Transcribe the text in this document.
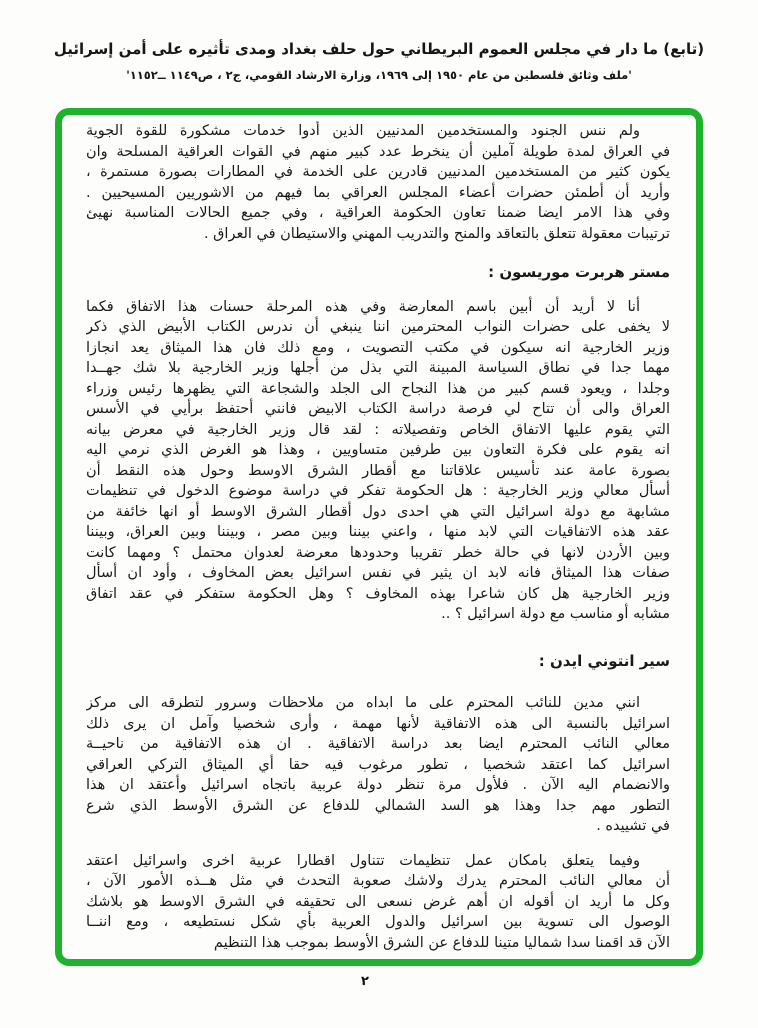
(تابع) ما دار في مجلس العموم البريطاني حول حلف بغداد ومدى تأثيره على أمن إسرائيل
'ملف وثائق فلسطين من عام ١٩٥٠ إلى ١٩٦٩، وزارة الارشاد القومي، ج٢ ، ص١١٤٩ ــ١١٥٢'
ولم ننس الجنود والمستخدمين المدنيين الذين أدوا خدمات مشكورة للقوة الجوية
في العراق لمدة طويلة آملين أن ينخرط عدد كبير منهم في القوات العراقية المسلحة وان
يكون كثير من المستخدمين المدنيين قادرين على الخدمة في المطارات بصورة مستمرة ،
وأريد أن أطمئن حضرات أعضاء المجلس العراقي بما فيهم من الاشوريين المسيحيين .
وفي هذا الامر ايضا ضمنا تعاون الحكومة العراقية ، وفي جميع الحالات المناسبة نهيئ
ترتيبات معقولة تتعلق بالتعاقد والمنح والتدريب المهني والاستيطان في العراق .
مستر هربرت موريسون :
أنا لا أريد أن أبين باسم المعارضة وفي هذه المرحلة حسنات هذا الاتفاق فكما
لا يخفى على حضرات النواب المحترمين اننا ينبغي أن ندرس الكتاب الأبيض الذي ذكر
وزير الخارجية انه سيكون في مكتب التصويت ، ومع ذلك فان هذا الميثاق يعد انجازا
مهما جدا في نطاق السياسة المبينة التي بذل من أجلها وزير الخارجية بلا شك جهــدا
وجلدا ، ويعود قسم كبير من هذا النجاح الى الجلد والشجاعة التي يظهرها رئيس وزراء
العراق والى أن تتاح لي فرصة دراسة الكتاب الابيض فانني أحتفظ برأيي في الأسس
التي يقوم عليها الاتفاق الخاص وتفصيلاته : لقد قال وزير الخارجية في معرض بيانه
انه يقوم على فكرة التعاون بين طرفين متساويين ، وهذا هو الغرض الذي نرمي اليه
بصورة عامة عند تأسيس علاقاتنا مع أقطار الشرق الاوسط وحول هذه النقط أن
أسأل معالي وزير الخارجية : هل الحكومة تفكر في دراسة موضوع الدخول في تنظيمات
مشابهة مع دولة اسرائيل التي هي احدى دول أقطار الشرق الاوسط أو انها خائفة من
عقد هذه الاتفاقيات التي لابد منها ، واعني بيننا وبين مصر ، وبيننا وبين العراق، وبيننا
وبين الأردن لانها في حالة خطر تقريبا وحدودها معرضة لعدوان محتمل ؟ ومهما كانت
صفات هذا الميثاق فانه لابد ان يثير في نفس اسرائيل بعض المخاوف ، وأود ان أسأل
وزير الخارجية هل كان شاعرا بهذه المخاوف ؟ وهل الحكومة ستفكر في عقد اتفاق
مشابه أو مناسب مع دولة اسرائيل ؟ ..
سير انتوني ايدن :
انني مدين للنائب المحترم على ما ابداه من ملاحظات وسرور لتطرقه الى مركز
اسرائيل بالنسبة الى هذه الاتفاقية لأنها مهمة ، وأرى شخصيا وآمل ان يرى ذلك
معالي النائب المحترم ايضا بعد دراسة الاتفاقية . ان هذه الاتفاقية من ناحيــة
اسرائيل كما اعتقد شخصيا ، تطور مرغوب فيه حقا أي الميثاق التركي العراقي
والانضمام اليه الآن . فلأول مرة تنظر دولة عربية باتجاه اسرائيل وأعتقد ان هذا
التطور مهم جدا وهذا هو السد الشمالي للدفاع عن الشرق الأوسط الذي شرع
في تشييده .
وفيما يتعلق بامكان عمل تنظيمات تتناول اقطارا عربية اخرى واسرائيل اعتقد
أن معالي النائب المحترم يدرك ولاشك صعوبة التحدث في مثل هــذه الأمور الآن ،
وكل ما أريد ان أقوله ان أهم غرض نسعى الى تحقيقه في الشرق الاوسط هو بلاشك
الوصول الى تسوية بين اسرائيل والدول العربية بأي شكل نستطيعه ، ومع اننــا
الآن قد اقمنا سدا شماليا متينا للدفاع عن الشرق الأوسط بموجب هذا التنظيم
٢
